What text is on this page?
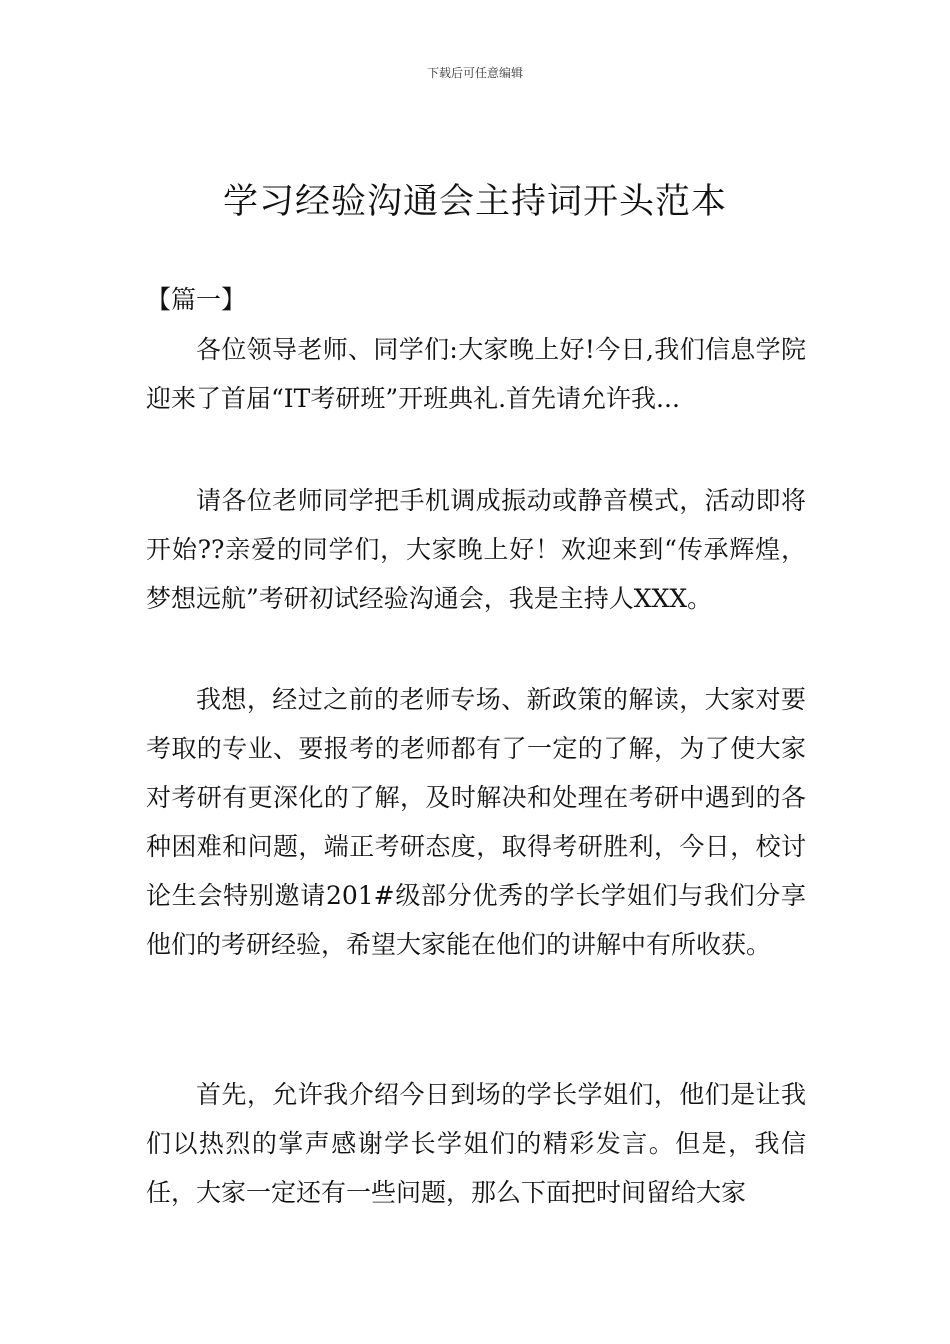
下载后可任意编辑
学习经验沟通会主持词开头范本
【篇一】

各位领导老师、同学们:大家晚上好!今日,我们信息学院迎来了首届“IT考研班”开班典礼.首先请允许我...

请各位老师同学把手机调成振动或静音模式，活动即将开始??亲爱的同学们，大家晚上好！欢迎来到“传承辉煌，梦想远航”考研初试经验沟通会，我是主持人XXX。

我想，经过之前的老师专场、新政策的解读，大家对要考取的专业、要报考的老师都有了一定的了解，为了使大家对考研有更深化的了解，及时解决和处理在考研中遇到的各种困难和问题，端正考研态度，取得考研胜利，今日，校讨论生会特别邀请201#级部分优秀的学长学姐们与我们分享他们的考研经验，希望大家能在他们的讲解中有所收获。

首先，允许我介绍今日到场的学长学姐们，他们是让我们以热烈的掌声感谢学长学姐们的精彩发言。但是，我信任，大家一定还有一些问题，那么下面把时间留给大家
